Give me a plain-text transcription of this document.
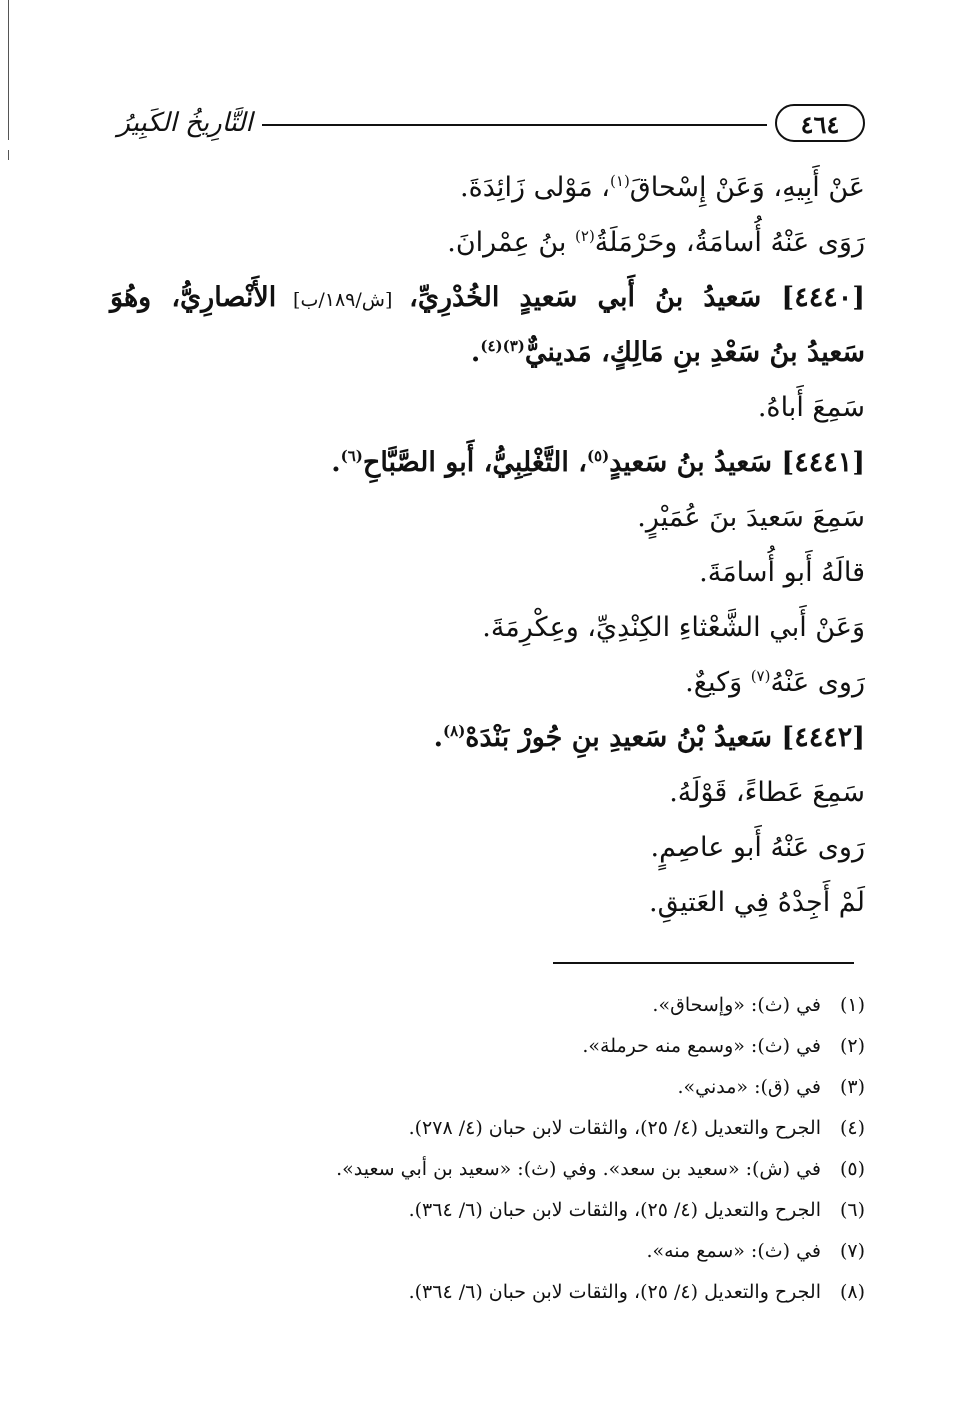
التَّارِيخُ الكَبِيرُ	٤٦٤
عَنْ أَبِيهِ، وَعَنْ إِسْحاقَ$^{(١)}$، مَوْلى زَائِدَةَ.
رَوَى عَنْهُ أُسامَةُ، وحَرْمَلَةُ$^{(٢)}$ بنُ عِمْرانَ.
[٤٤٤٠] سَعيدُ بنُ أَبي سَعيدٍ الخُدْرِيِّ، [ش/١٨٩/ب] الأَنْصارِيُّ، وهُوَ
سَعيدُ بنُ سَعْدِ بنِ مَالِكٍ، مَدينيٌّ$^{(٣)(٤)}$.
سَمِعَ أَباهُ.
[٤٤٤١] سَعيدُ بنُ سَعيدٍ$^{(٥)}$، التَّغْلِبِيُّ، أَبو الصَّبَّاحِ$^{(٦)}$.
سَمِعَ سَعيدَ بنَ عُمَيْرٍ.
قالَهُ أَبو أُسامَةَ.
وَعَنْ أَبي الشَّعْثاءِ الكِنْدِيِّ، وعِكْرِمَةَ.
رَوى عَنْهُ$^{(٧)}$ وَكيعٌ.
[٤٤٤٢] سَعيدُ بْنُ سَعيدِ بنِ جُورْ بَنْدَهْ$^{(٨)}$.
سَمِعَ عَطاءً، قَوْلَهُ.
رَوى عَنْهُ أَبو عاصِمٍ.
لَمْ أَجِدْهُ فِي العَتيقِ.
(١)في (ث): «وإسحاق».
(٢)في (ث): «وسمع منه حرملة».
(٣)في (ق): «مدني».
(٤)الجرح والتعديل (٤/ ٢٥)، والثقات لابن حبان (٤/ ٢٧٨).
(٥)في (ش): «سعيد بن سعد». وفي (ث): «سعيد بن أبي سعيد».
(٦)الجرح والتعديل (٤/ ٢٥)، والثقات لابن حبان (٦/ ٣٦٤).
(٧)في (ث): «سمع منه».
(٨)الجرح والتعديل (٤/ ٢٥)، والثقات لابن حبان (٦/ ٣٦٤).
